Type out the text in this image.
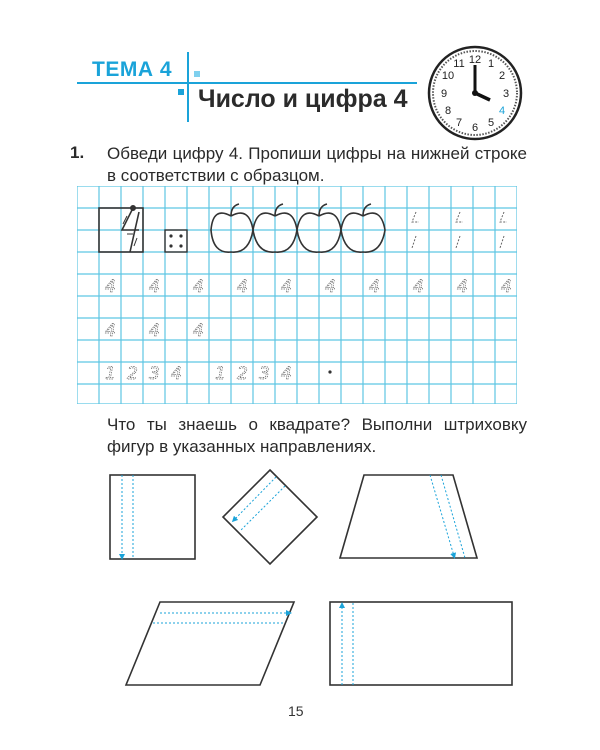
ТЕМА 4
Число и цифра 4
12 1
2
3
4
5
6
7
8
9
10
11
1. Обведи цифру 4. Пропиши цифры на нижней строке в соответствии с образцом.
4 4 4 4 4 4 4 4 4 4
4 4 4
1 2 3 4 1 2 3 4
Что ты знаешь о квадрате? Выполни штриховку фигур в указанных направлениях.
15
